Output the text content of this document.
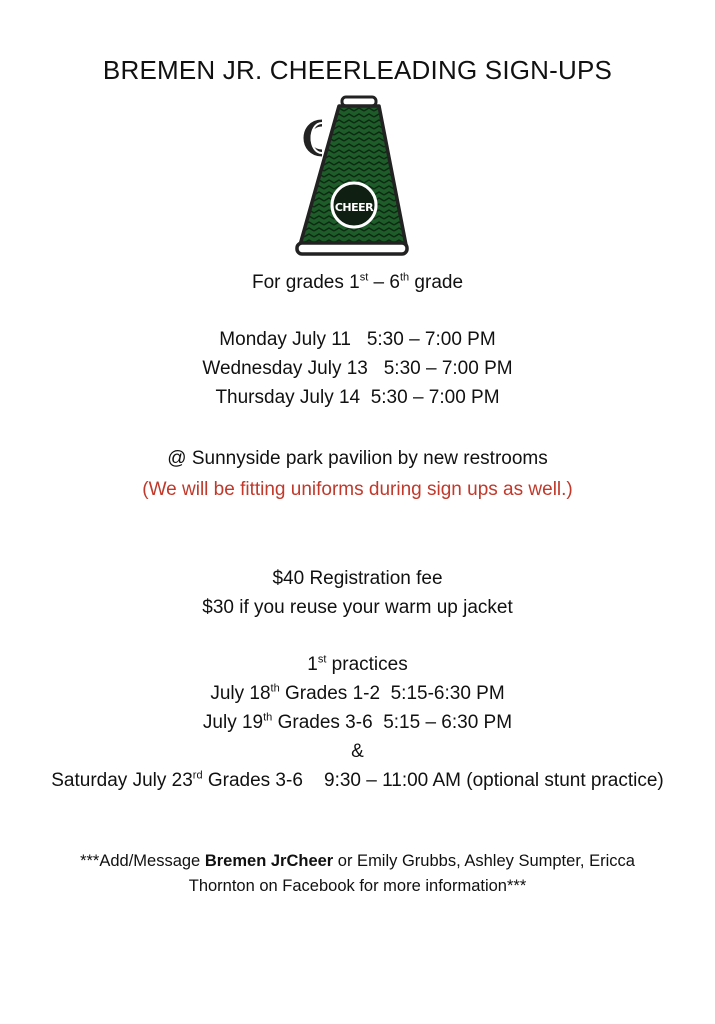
BREMEN JR. CHEERLEADING SIGN-UPS
CHEER
For grades 1st – 6th grade
Monday July 11 5:30 – 7:00 PM
Wednesday July 13 5:30 – 7:00 PM
Thursday July 14 5:30 – 7:00 PM
@ Sunnyside park pavilion by new restrooms
(We will be fitting uniforms during sign ups as well.)
$40 Registration fee
$30 if you reuse your warm up jacket
1st practices
July 18th Grades 1-2  5:15-6:30 PM
July 19th Grades 3-6  5:15 – 6:30 PM
&
Saturday July 23rd Grades 3-6    9:30 – 11:00 AM (optional stunt practice)
***Add/Message Bremen JrCheer or Emily Grubbs, Ashley Sumpter, Ericca
Thornton on Facebook for more information***
